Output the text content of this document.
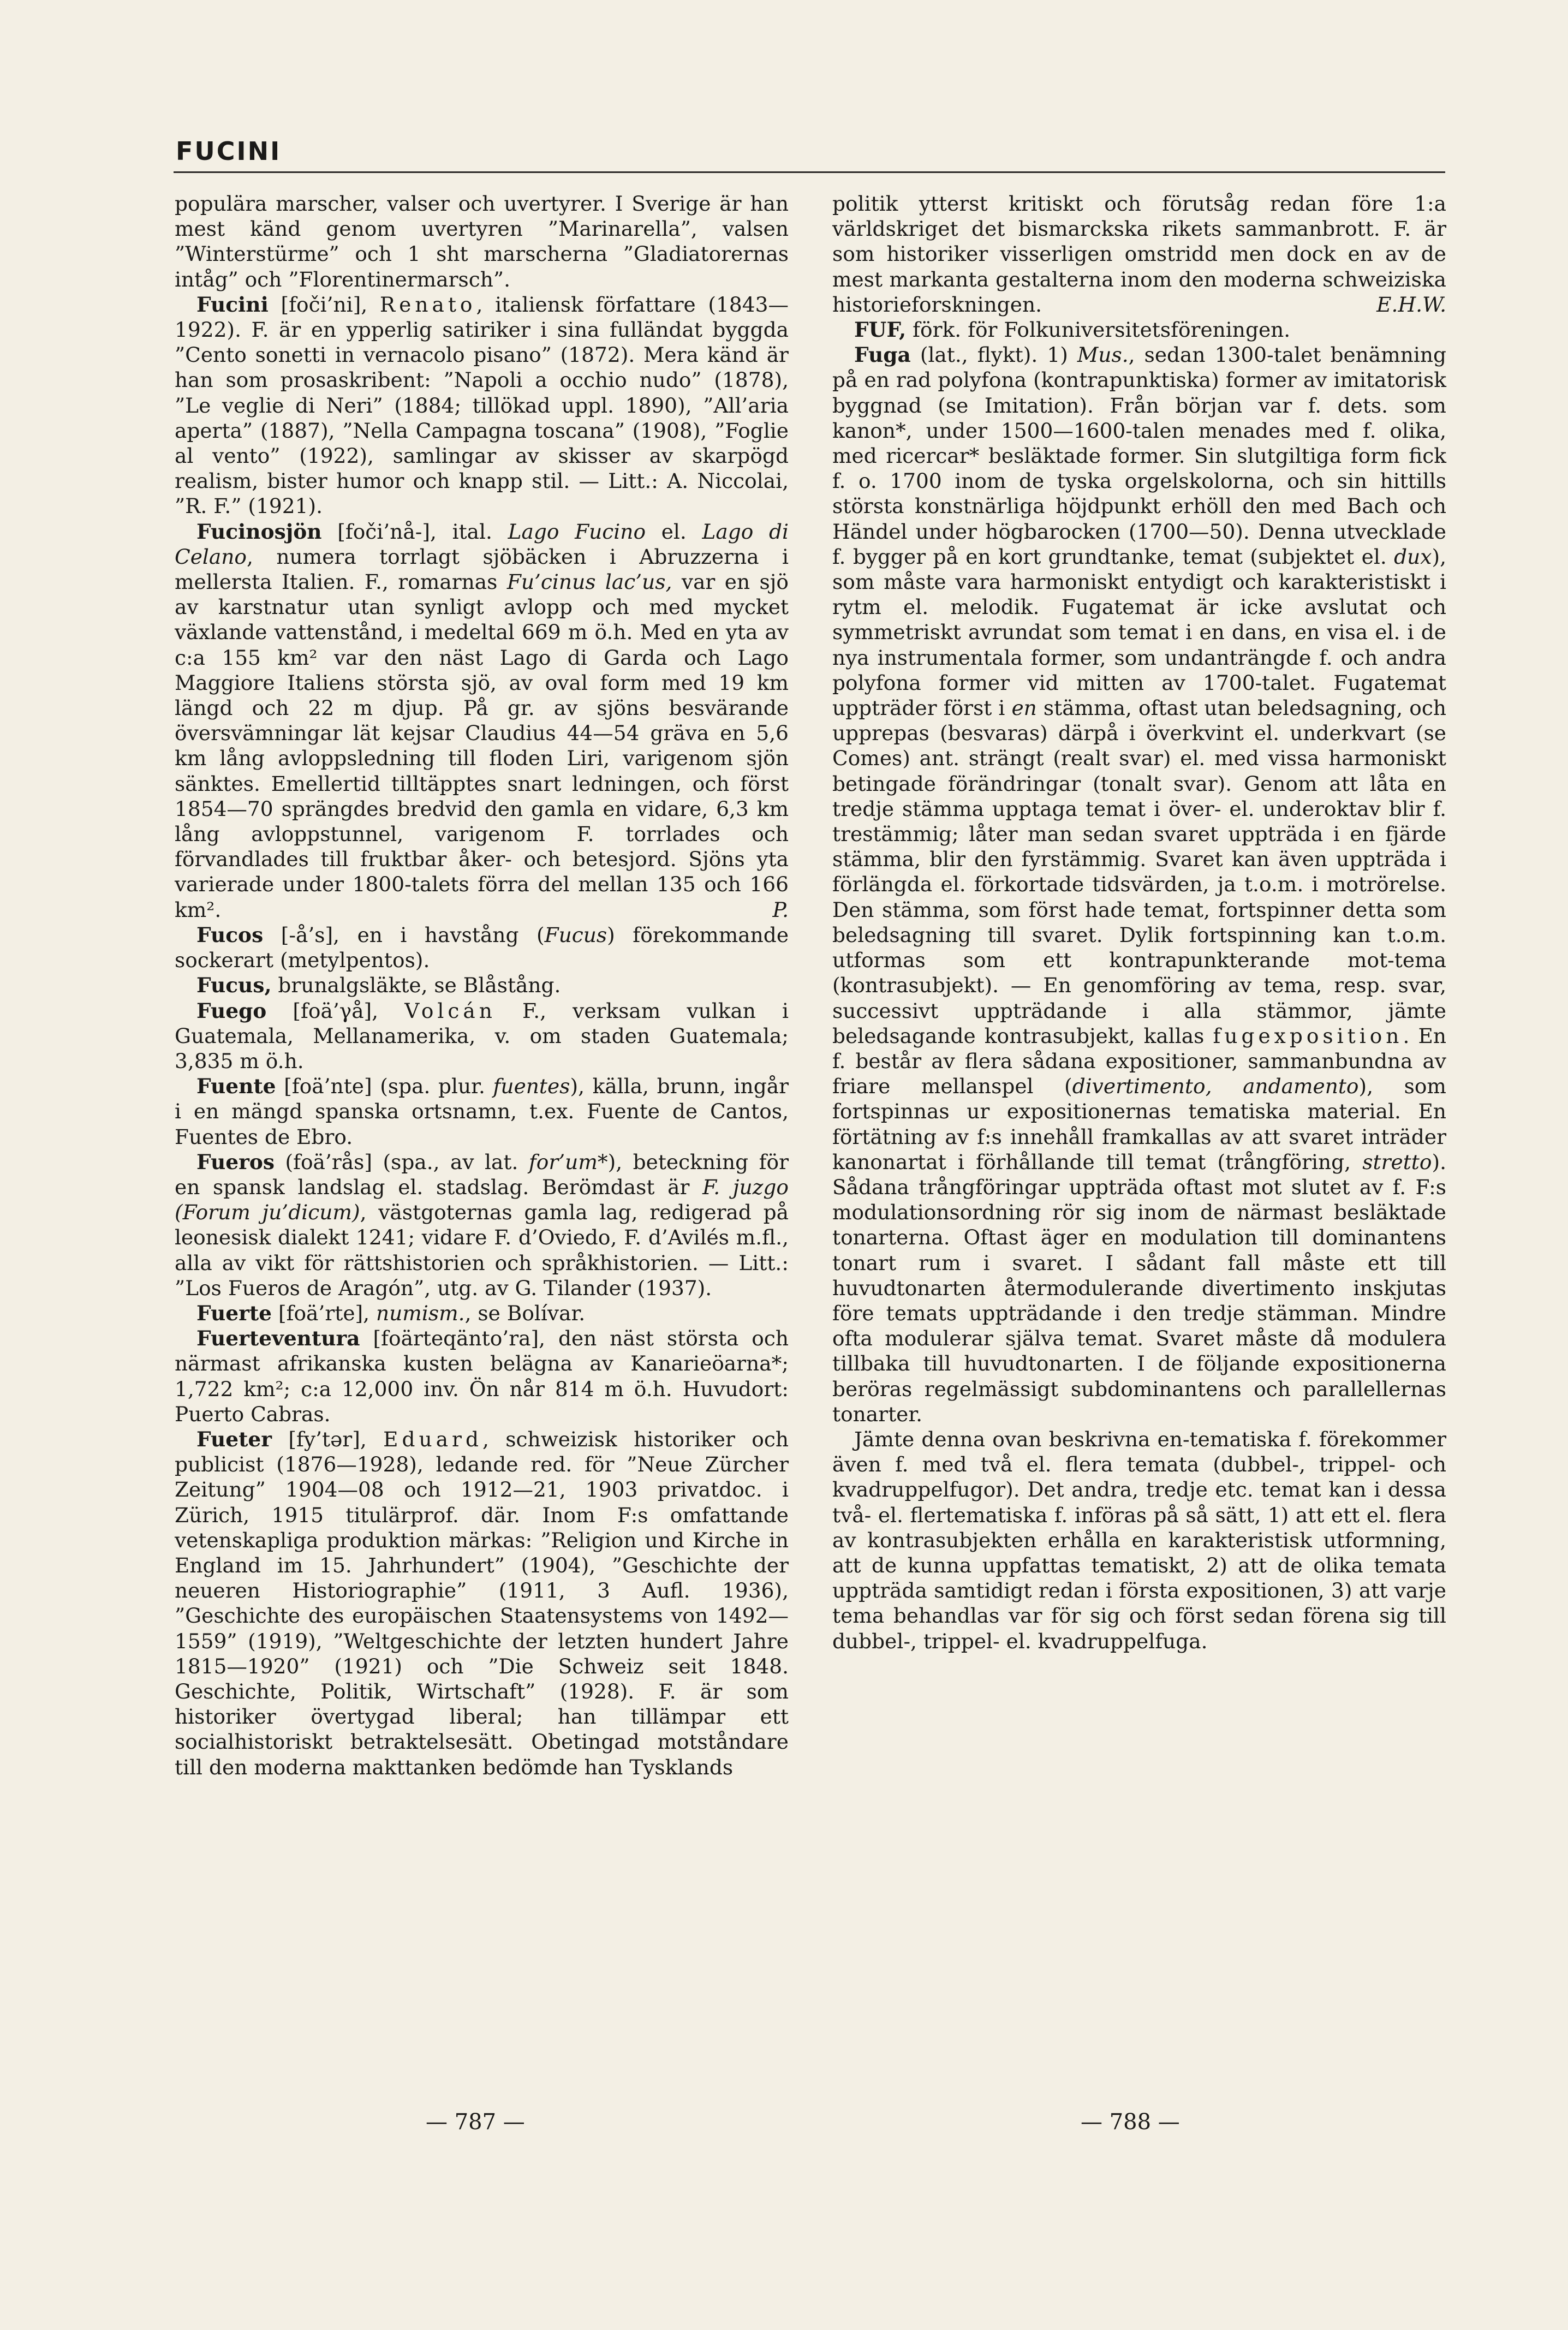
FUCINI

populära marscher, valser och uvertyrer. I Sverige är han mest känd genom uvertyren ”Marinarella”, valsen ”Winterstürme” och 1 sht marscherna ”Gladiatorernas intåg” och ”Florentinermarsch”.

Fucini [foči’ni], Renato, italiensk författare (1843—1922). F. är en ypperlig satiriker i sina fulländat byggda ”Cento sonetti in vernacolo pisano” (1872). Mera känd är han som prosaskribent: ”Napoli a occhio nudo” (1878), ”Le veglie di Neri” (1884; tillökad uppl. 1890), ”All’aria aperta” (1887), ”Nella Campagna toscana” (1908), ”Foglie al vento” (1922), samlingar av skisser av skarpögd realism, bister humor och knapp stil. — Litt.: A. Niccolai, ”R. F.” (1921).

Fucinosjön [foči’nå-], ital. Lago Fucino el. Lago di Celano, numera torrlagt sjöbäcken i Abruzzerna i mellersta Italien. F., romarnas Fu’cinus lac’us, var en sjö av karstnatur utan synligt avlopp och med mycket växlande vattenstånd, i medeltal 669 m ö.h. Med en yta av c:a 155 km² var den näst Lago di Garda och Lago Maggiore Italiens största sjö, av oval form med 19 km längd och 22 m djup. På gr. av sjöns besvärande översvämningar lät kejsar Claudius 44—54 gräva en 5,6 km lång avloppsledning till floden Liri, varigenom sjön sänktes. Emellertid tilltäpptes snart ledningen, och först 1854—70 sprängdes bredvid den gamla en vidare, 6,3 km lång avloppstunnel, varigenom F. torrlades och förvandlades till fruktbar åker- och betesjord. Sjöns yta varierade under 1800-talets förra del mellan 135 och 166 km².	P.

Fucos [-å’s], en i havstång (Fucus) förekommande sockerart (metylpentos).

Fucus, brunalgsläkte, se Blåstång.

Fuego [foä’γå], Volcán F., verksam vulkan i Guatemala, Mellanamerika, v. om staden Guatemala; 3,835 m ö.h.

Fuente [foä’nte] (spa. plur. fuentes), källa, brunn, ingår i en mängd spanska ortsnamn, t.ex. Fuente de Cantos, Fuentes de Ebro.

Fueros (foä’rås] (spa., av lat. for’um*), beteckning för en spansk landslag el. stadslag. Berömdast är F. juzgo (Forum ju’dicum), västgoternas gamla lag, redigerad på leonesisk dialekt 1241; vidare F. d’Oviedo, F. d’Avilés m.fl., alla av vikt för rättshistorien och språkhistorien. — Litt.: ”Los Fueros de Aragón”, utg. av G. Tilander (1937).

Fuerte [foä’rte], numism., se Bolívar.

Fuerteventura [foärteqänto’ra], den näst största och närmast afrikanska kusten belägna av Kanarieöarna*; 1,722 km²; c:a 12,000 inv. Ön når 814 m ö.h. Huvudort: Puerto Cabras.

Fueter [fy’tər], Eduard, schweizisk historiker och publicist (1876—1928), ledande red. för ”Neue Zürcher Zeitung” 1904—08 och 1912—21, 1903 privatdoc. i Zürich, 1915 titulärprof. där. Inom F:s omfattande vetenskapliga produktion märkas: ”Religion und Kirche in England im 15. Jahrhundert” (1904), ”Geschichte der neueren Historiographie” (1911, 3 Aufl. 1936), ”Geschichte des europäischen Staatensystems von 1492—1559” (1919), ”Weltgeschichte der letzten hundert Jahre 1815—1920” (1921) och ”Die Schweiz seit 1848. Geschichte, Politik, Wirtschaft” (1928). F. är som historiker övertygad liberal; han tillämpar ett socialhistoriskt betraktelsesätt. Obetingad motståndare till den moderna makttanken bedömde han Tysklands

politik ytterst kritiskt och förutsåg redan före 1:a världskriget det bismarckska rikets sammanbrott. F. är som historiker visserligen omstridd men dock en av de mest markanta gestalterna inom den moderna schweiziska historieforskningen.	E.H.W.

FUF, förk. för Folkuniversitetsföreningen.

Fuga (lat., flykt). 1) Mus., sedan 1300-talet benämning på en rad polyfona (kontrapunktiska) former av imitatorisk byggnad (se Imitation). Från början var f. dets. som kanon*, under 1500—1600-talen menades med f. olika, med ricercar* besläktade former. Sin slutgiltiga form fick f. o. 1700 inom de tyska orgelskolorna, och sin hittills största konstnärliga höjdpunkt erhöll den med Bach och Händel under högbarocken (1700—50). Denna utvecklade f. bygger på en kort grundtanke, temat (subjektet el. dux), som måste vara harmoniskt entydigt och karakteristiskt i rytm el. melodik. Fugatemat är icke avslutat och symmetriskt avrundat som temat i en dans, en visa el. i de nya instrumentala former, som undanträngde f. och andra polyfona former vid mitten av 1700-talet. Fugatemat uppträder först i en stämma, oftast utan beledsagning, och upprepas (besvaras) därpå i överkvint el. underkvart (se Comes) ant. strängt (realt svar) el. med vissa harmoniskt betingade förändringar (tonalt svar). Genom att låta en tredje stämma upptaga temat i över- el. underoktav blir f. trestämmig; låter man sedan svaret uppträda i en fjärde stämma, blir den fyrstämmig. Svaret kan även uppträda i förlängda el. förkortade tidsvärden, ja t.o.m. i motrörelse. Den stämma, som först hade temat, fortspinner detta som beledsagning till svaret. Dylik fortspinning kan t.o.m. utformas som ett kontrapunkterande mot-tema (kontrasubjekt). — En genomföring av tema, resp. svar, successivt uppträdande i alla stämmor, jämte beledsagande kontrasubjekt, kallas fugexposition. En f. består av flera sådana expositioner, sammanbundna av friare mellanspel (divertimento, andamento), som fortspinnas ur expositionernas tematiska material. En förtätning av f:s innehåll framkallas av att svaret inträder kanonartat i förhållande till temat (trångföring, stretto). Sådana trångföringar uppträda oftast mot slutet av f. F:s modulationsordning rör sig inom de närmast besläktade tonarterna. Oftast äger en modulation till dominantens tonart rum i svaret. I sådant fall måste ett till huvudtonarten återmodulerande divertimento inskjutas före temats uppträdande i den tredje stämman. Mindre ofta modulerar själva temat. Svaret måste då modulera tillbaka till huvudtonarten. I de följande expositionerna beröras regelmässigt subdominantens och parallellernas tonarter.

Jämte denna ovan beskrivna en-tematiska f. förekommer även f. med två el. flera temata (dubbel-, trippel- och kvadruppelfugor). Det andra, tredje etc. temat kan i dessa två- el. flertematiska f. införas på så sätt, 1) att ett el. flera av kontrasubjekten erhålla en karakteristisk utformning, att de kunna uppfattas tematiskt, 2) att de olika temata uppträda samtidigt redan i första expositionen, 3) att varje tema behandlas var för sig och först sedan förena sig till dubbel-, trippel- el. kvadruppelfuga.

— 787 —	— 788 —
